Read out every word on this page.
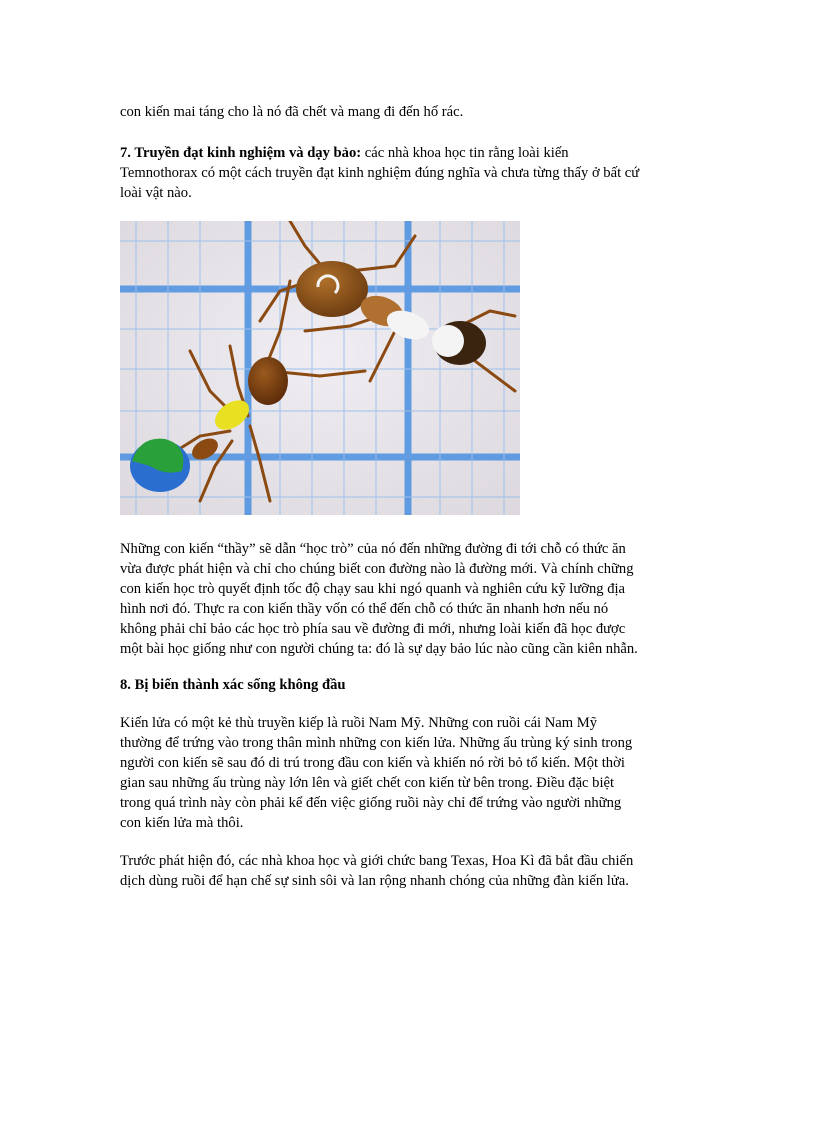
con kiến mai táng cho là nó đã chết và mang đi đến hố rác.

7. Truyền đạt kinh nghiệm và dạy bảo: các nhà khoa học tin rằng loài kiến
Temnothorax có một cách truyền đạt kinh nghiệm đúng nghĩa và chưa từng thấy ở bất cứ
loài vật nào.

Những con kiến “thầy” sẽ dẫn “học trò” của nó đến những đường đi tới chỗ có thức ăn
vừa được phát hiện và chỉ cho chúng biết con đường nào là đường mới. Và chính chững
con kiến học trò quyết định tốc độ chạy sau khi ngó quanh và nghiên cứu kỹ lưỡng địa
hình nơi đó. Thực ra con kiến thầy vốn có thể đến chỗ có thức ăn nhanh hơn nếu nó
không phải chỉ bảo các học trò phía sau về đường đi mới, nhưng loài kiến đã học được
một bài học giống như con người chúng ta: đó là sự dạy bảo lúc nào cũng cần kiên nhẫn.

8. Bị biến thành xác sống không đầu

Kiến lửa có một kẻ thù truyền kiếp là ruồi Nam Mỹ. Những con ruồi cái Nam Mỹ
thường để trứng vào trong thân mình những con kiến lửa. Những ấu trùng ký sinh trong
người con kiến sẽ sau đó di trú trong đầu con kiến và khiến nó rời bỏ tổ kiến. Một thời
gian sau những ấu trùng này lớn lên và giết chết con kiến từ bên trong. Điều đặc biệt
trong quá trình này còn phải kể đến việc giống ruồi này chỉ để trứng vào người những
con kiến lửa mà thôi.

Trước phát hiện đó, các nhà khoa học và giới chức bang Texas, Hoa Kì đã bắt đầu chiến
dịch dùng ruồi để hạn chế sự sinh sôi và lan rộng nhanh chóng của những đàn kiến lửa.
